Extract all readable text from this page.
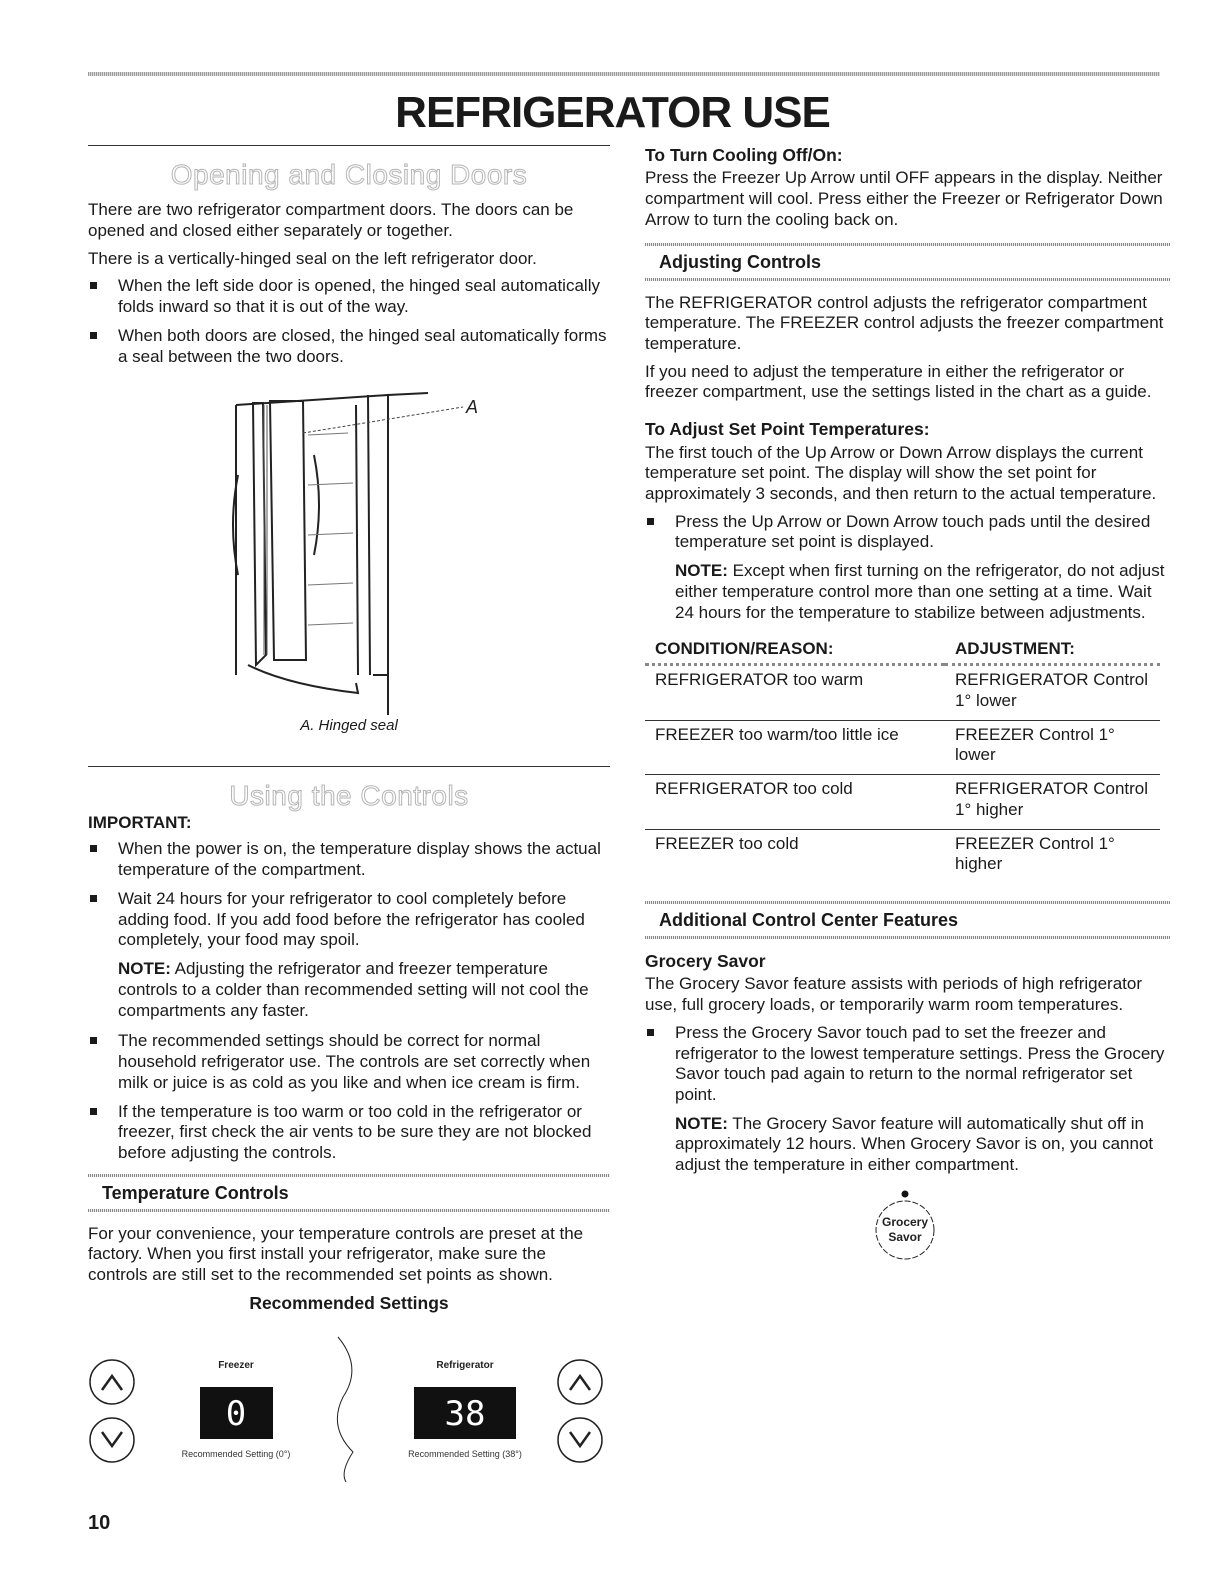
REFRIGERATOR USE
Opening and Closing Doors

There are two refrigerator compartment doors. The doors can be opened and closed either separately or together.

There is a vertically-hinged seal on the left refrigerator door.

When the left side door is opened, the hinged seal automatically folds inward so that it is out of the way.
When both doors are closed, the hinged seal automatically forms a seal between the two doors.
A
A. Hinged seal
Using the Controls
IMPORTANT:
When the power is on, the temperature display shows the actual temperature of the compartment.
Wait 24 hours for your refrigerator to cool completely before adding food. If you add food before the refrigerator has cooled completely, your food may spoil.

NOTE: Adjusting the refrigerator and freezer temperature controls to a colder than recommended setting will not cool the compartments any faster.

The recommended settings should be correct for normal household refrigerator use. The controls are set correctly when milk or juice is as cold as you like and when ice cream is firm.
If the temperature is too warm or too cold in the refrigerator or freezer, first check the air vents to be sure they are not blocked before adjusting the controls.
Temperature Controls

For your convenience, your temperature controls are preset at the factory. When you first install your refrigerator, make sure the controls are still set to the recommended set points as shown.

Recommended Settings
Freezer
0
Recommended Setting (0°)
Refrigerator
38
Recommended Setting (38°)
To Turn Cooling Off/On:

Press the Freezer Up Arrow until OFF appears in the display. Neither compartment will cool. Press either the Freezer or Refrigerator Down Arrow to turn the cooling back on.

Adjusting Controls

The REFRIGERATOR control adjusts the refrigerator compartment temperature. The FREEZER control adjusts the freezer compartment temperature.

If you need to adjust the temperature in either the refrigerator or freezer compartment, use the settings listed in the chart as a guide.

To Adjust Set Point Temperatures:

The first touch of the Up Arrow or Down Arrow displays the current temperature set point. The display will show the set point for approximately 3 seconds, and then return to the actual temperature.

Press the Up Arrow or Down Arrow touch pads until the desired temperature set point is displayed.

NOTE: Except when first turning on the refrigerator, do not adjust either temperature control more than one setting at a time. Wait 24 hours for the temperature to stabilize between adjustments.

CONDITION/REASON:	ADJUSTMENT:
REFRIGERATOR too warm	REFRIGERATOR Control 1° lower
FREEZER too warm/too little ice	FREEZER Control 1° lower
REFRIGERATOR too cold	REFRIGERATOR Control 1° higher
FREEZER too cold	FREEZER Control 1° higher
Additional Control Center Features
Grocery Savor

The Grocery Savor feature assists with periods of high refrigerator use, full grocery loads, or temporarily warm room temperatures.

Press the Grocery Savor touch pad to set the freezer and refrigerator to the lowest temperature settings. Press the Grocery Savor touch pad again to return to the normal refrigerator set point.

NOTE: The Grocery Savor feature will automatically shut off in approximately 12 hours. When Grocery Savor is on, you cannot adjust the temperature in either compartment.

Grocery
Savor
10
